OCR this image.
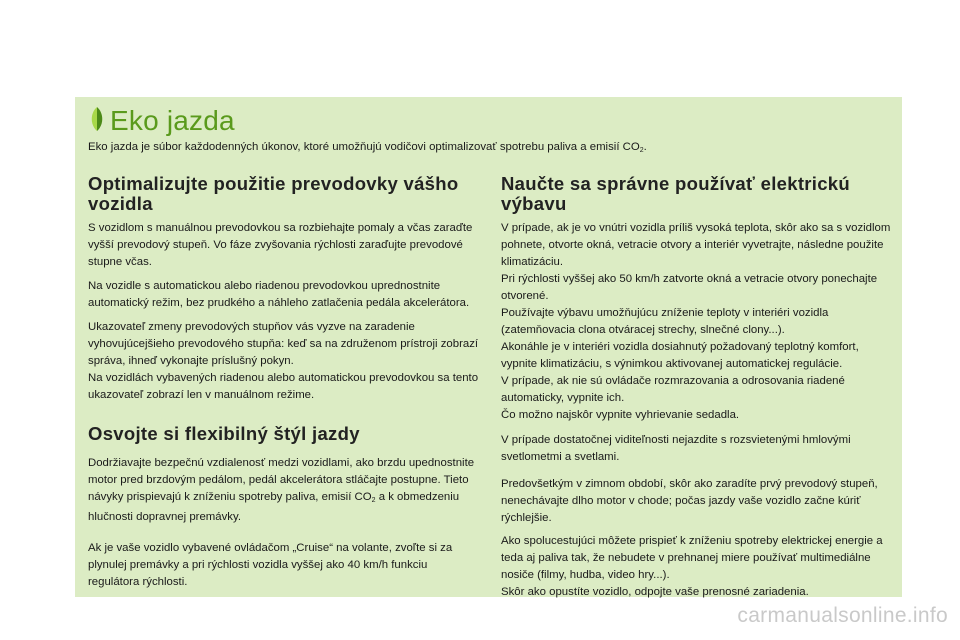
Eko jazda

Eko jazda je súbor každodenných úkonov, ktoré umožňujú vodičovi optimalizovať spotrebu paliva a emisií $CO_2$.

Optimalizujte použitie prevodovky vášho vozidla

S vozidlom s manuálnou prevodovkou sa rozbiehajte pomaly a včas zaraďte vyšší prevodový stupeň. Vo fáze zvyšovania rýchlosti zaraďujte prevodové stupne včas.

Na vozidle s automatickou alebo riadenou prevodovkou uprednostnite automatický režim, bez prudkého a náhleho zatlačenia pedála akcelerátora.

Ukazovateľ zmeny prevodových stupňov vás vyzve na zaradenie vyhovujúcejšieho prevodového stupňa: keď sa na združenom prístroji zobrazí správa, ihneď vykonajte príslušný pokyn.

Na vozidlách vybavených riadenou alebo automatickou prevodovkou sa tento ukazovateľ zobrazí len v manuálnom režime.

Osvojte si flexibilný štýl jazdy

Dodržiavajte bezpečnú vzdialenosť medzi vozidlami, ako brzdu upednostnite motor pred brzdovým pedálom, pedál akcelerátora stláčajte postupne. Tieto návyky prispievajú k zníženiu spotreby paliva, emisií $CO_2$ a k obmedzeniu hlučnosti dopravnej premávky.

Ak je vaše vozidlo vybavené ovládačom „Cruise“ na volante, zvoľte si za plynulej premávky a pri rýchlosti vozidla vyššej ako 40 km/h funkciu regulátora rýchlosti.

Naučte sa správne používať elektrickú výbavu

V prípade, ak je vo vnútri vozidla príliš vysoká teplota, skôr ako sa s vozidlom pohnete, otvorte okná, vetracie otvory a interiér vyvetrajte, následne použite klimatizáciu.

Pri rýchlosti vyššej ako 50 km/h zatvorte okná a vetracie otvory ponechajte otvorené.

Používajte výbavu umožňujúcu zníženie teploty v interiéri vozidla (zatemňovacia clona otváracej strechy, slnečné clony...).

Akonáhle je v interiéri vozidla dosiahnutý požadovaný teplotný komfort, vypnite klimatizáciu, s výnimkou aktivovanej automatickej regulácie.

V prípade, ak nie sú ovládače rozmrazovania a odrosovania riadené automaticky, vypnite ich.

Čo možno najskôr vypnite vyhrievanie sedadla.

V prípade dostatočnej viditeľnosti nejazdite s rozsvietenými hmlovými svetlometmi a svetlami.

Predovšetkým v zimnom období, skôr ako zaradíte prvý prevodový stupeň, nenechávajte dlho motor v chode; počas jazdy vaše vozidlo začne kúriť rýchlejšie.

Ako spolucestujúci môžete prispieť k zníženiu spotreby elektrickej energie a teda aj paliva tak, že nebudete v prehnanej miere používať multimediálne nosiče (filmy, hudba, video hry...).

Skôr ako opustíte vozidlo, odpojte vaše prenosné zariadenia.

carmanualsonline.info
